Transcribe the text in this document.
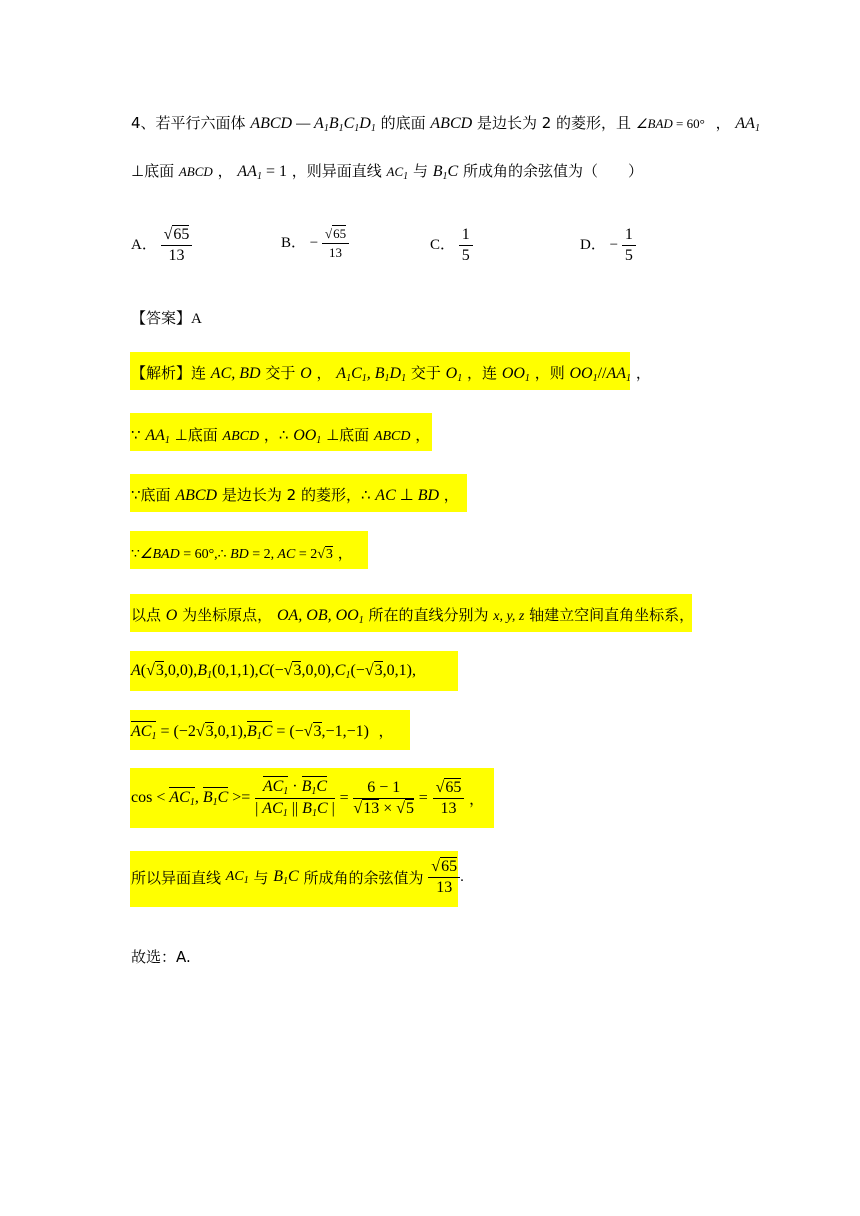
4、若平行六面体 ABCD — $A_1B_1C_1D_1$ 的底面 ABCD 是边长为 2 的菱形，且 ∠BAD = 60° ， $AA_1$
⊥底面 ABCD ， $AA_1 = 1$ ，则异面直线 $AC_1$ 与 $B_1C$ 所成角的余弦值为（　　）
A． $\frac{√65}{13}$	B． − $\frac{√65}{13}$	C． $\frac{1}{5}$	D． − $\frac{1}{5}$
【答案】A
【解析】连 AC, BD 交于 O ， $A_1C_1$, $B_1D_1$ 交于 $O_1$ ，连 $OO_1$ ，则 $OO_1//AA_1$ ，
∵ $AA_1$ ⊥底面 ABCD ，∴ $OO_1$ ⊥底面 ABCD ，
∵底面 ABCD 是边长为 2 的菱形，∴ AC ⊥ BD ，
∵∠BAD = 60°,∴ BD = 2, AC = 2√3 ，
以点 O 为坐标原点， OA, OB, $OO_1$ 所在的直线分别为 x, y, z 轴建立空间直角坐标系，
$A(√3,0,0),B_1(0,1,1),C(-√3,0,0),C_1(-√3,0,1)$,
$AC_1 = (-2√3,0,1),B_1C = (-√3,-1,-1)$  ，
$\cos < AC_1$, $B_1C >= \frac{AC_1 \cdot B_1C}{| AC_1 || B_1C |} = \frac{6 - 1}{√13 \times √5} = \frac{√65}{13}$ ，
所以异面直线 $AC_1$ 与 $B_1C$ 所成角的余弦值为 $\frac{√65}{13}$ .
故选：A.
